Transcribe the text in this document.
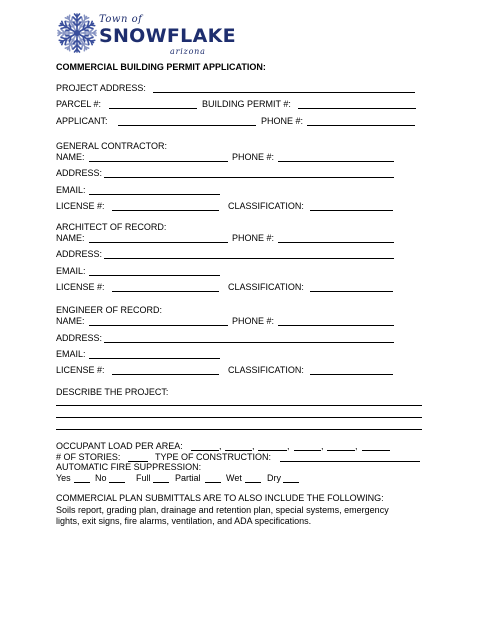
Town of
SNOWFLAKE
arizona
COMMERCIAL BUILDING PERMIT APPLICATION:
PROJECT ADDRESS:
PARCEL #:	BUILDING PERMIT #:
APPLICANT:	PHONE #:
GENERAL CONTRACTOR:
NAME:	PHONE #:
ADDRESS:
EMAIL:
LICENSE #:	CLASSIFICATION:
ARCHITECT OF RECORD:
NAME:	PHONE #:
ADDRESS:
EMAIL:
LICENSE #:	CLASSIFICATION:
ENGINEER OF RECORD:
NAME:	PHONE #:
ADDRESS:
EMAIL:
LICENSE #:	CLASSIFICATION:
DESCRIBE THE PROJECT:
OCCUPANT LOAD PER AREA:	,	,	,	,	,
# OF STORIES:	TYPE OF CONSTRUCTION:
AUTOMATIC FIRE SUPPRESSION:
Yes	No	Full	Partial	Wet	Dry
COMMERCIAL PLAN SUBMITTALS ARE TO ALSO INCLUDE THE FOLLOWING:
Soils report, grading plan, drainage and retention plan, special systems, emergency
lights, exit signs, fire alarms, ventilation, and ADA specifications.
